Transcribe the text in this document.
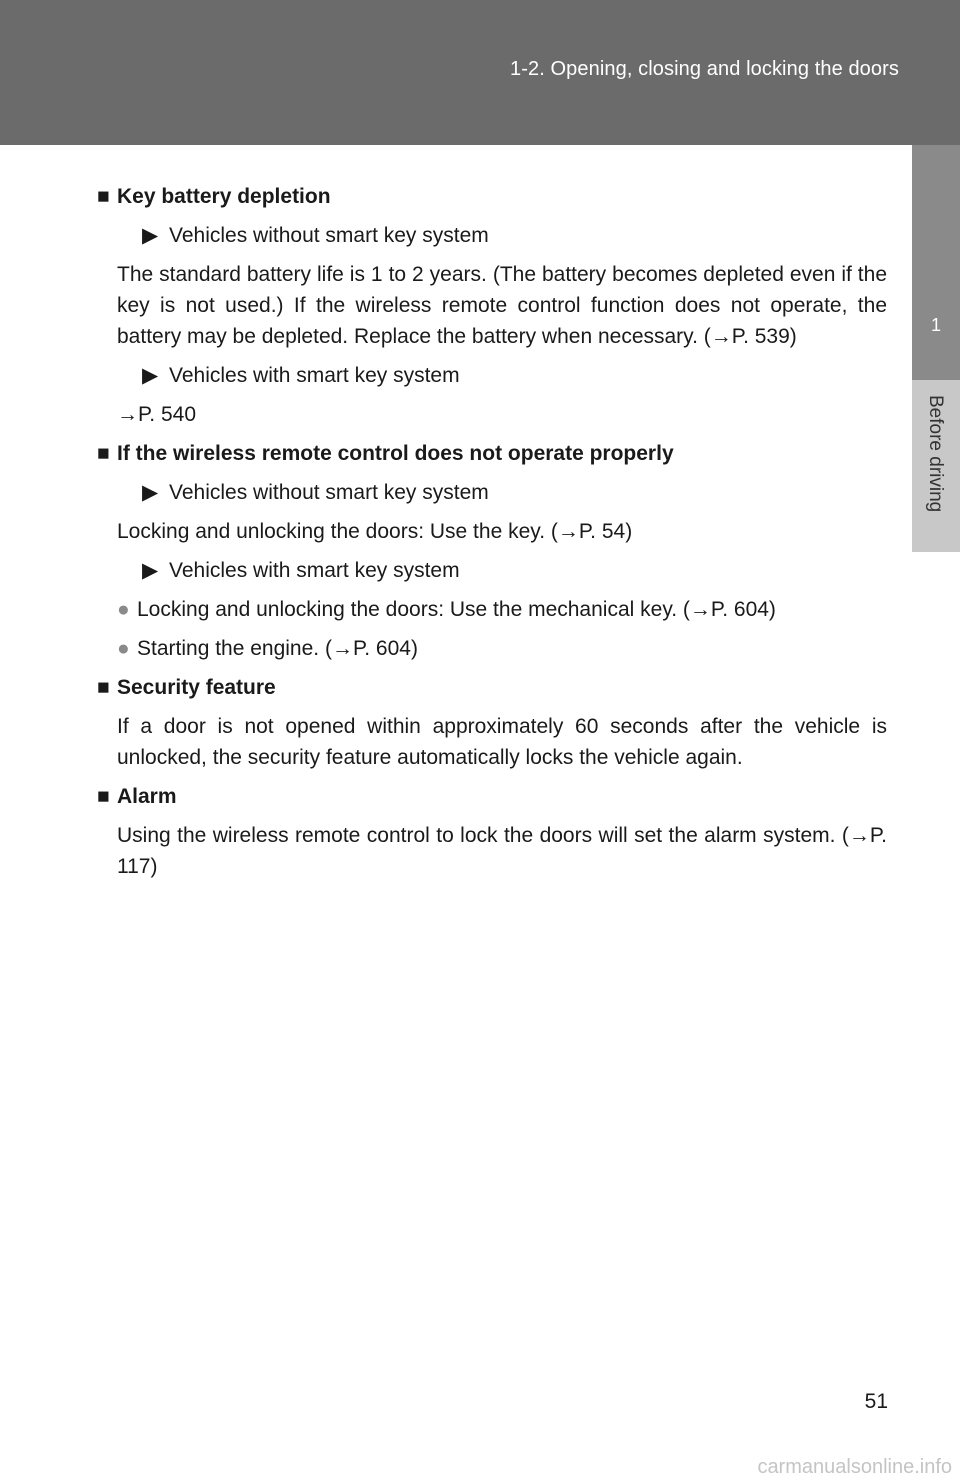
1-2. Opening, closing and locking the doors
1
Before driving
■ Key battery depletion
▶ Vehicles without smart key system
The standard battery life is 1 to 2 years. (The battery becomes depleted even if the key is not used.) If the wireless remote control function does not operate, the battery may be depleted. Replace the battery when necessary. (→P. 539)
▶ Vehicles with smart key system
→P. 540
■ If the wireless remote control does not operate properly
▶ Vehicles without smart key system
Locking and unlocking the doors: Use the key. (→P. 54)
▶ Vehicles with smart key system
● Locking and unlocking the doors: Use the mechanical key. (→P. 604)
● Starting the engine. (→P. 604)
■ Security feature
If a door is not opened within approximately 60 seconds after the vehicle is unlocked, the security feature automatically locks the vehicle again.
■ Alarm
Using the wireless remote control to lock the doors will set the alarm system. (→P. 117)
51
carmanualsonline.info
